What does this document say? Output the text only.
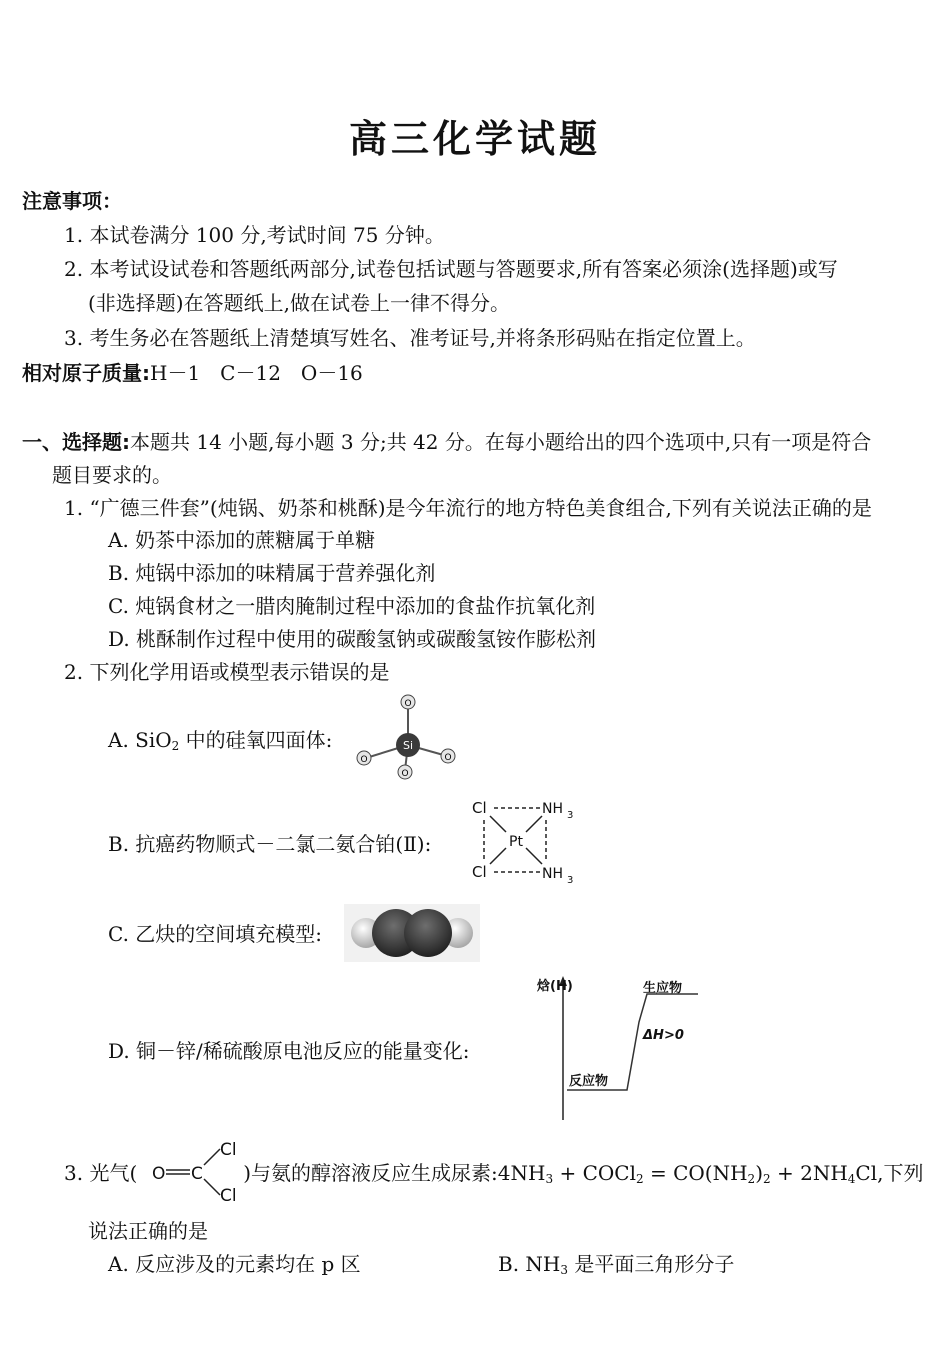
高三化学试题
注意事项：
1. 本试卷满分 100 分,考试时间 75 分钟。
2. 本考试设试卷和答题纸两部分,试卷包括试题与答题要求,所有答案必须涂(选择题)或写
(非选择题)在答题纸上,做在试卷上一律不得分。
3. 考生务必在答题纸上清楚填写姓名、准考证号,并将条形码贴在指定位置上。
相对原子质量:H－1　C－12　O－16
一、选择题:本题共 14 小题,每小题 3 分;共 42 分。在每小题给出的四个选项中,只有一项是符合
题目要求的。
1. “广德三件套”(炖锅、奶茶和桃酥)是今年流行的地方特色美食组合,下列有关说法正确的是
A. 奶茶中添加的蔗糖属于单糖
B. 炖锅中添加的味精属于营养强化剂
C. 炖锅食材之一腊肉腌制过程中添加的食盐作抗氧化剂
D. 桃酥制作过程中使用的碳酸氢钠或碳酸氢铵作膨松剂
2. 下列化学用语或模型表示错误的是
A. SiO$_2$ 中的硅氧四面体:	Si
O
O	O
O
B. 抗癌药物顺式－二氯二氨合铂(Ⅱ):
Cl
Cl
NH 3
NH 3
Pt
C. 乙炔的空间填充模型:
D. 铜－锌/稀硫酸原电池反应的能量变化:
焓(H)	生应物
反应物
ΔH>0
3. 光气(	)与氨的醇溶液反应生成尿素$:4NH_3$ + COCl$_2$ = $CO(NH_2)_2 + 2NH_4Cl$,下列
O C
Cl
Cl
说法正确的是
A. 反应涉及的元素均在 p 区	B. $NH_3$ 是平面三角形分子
